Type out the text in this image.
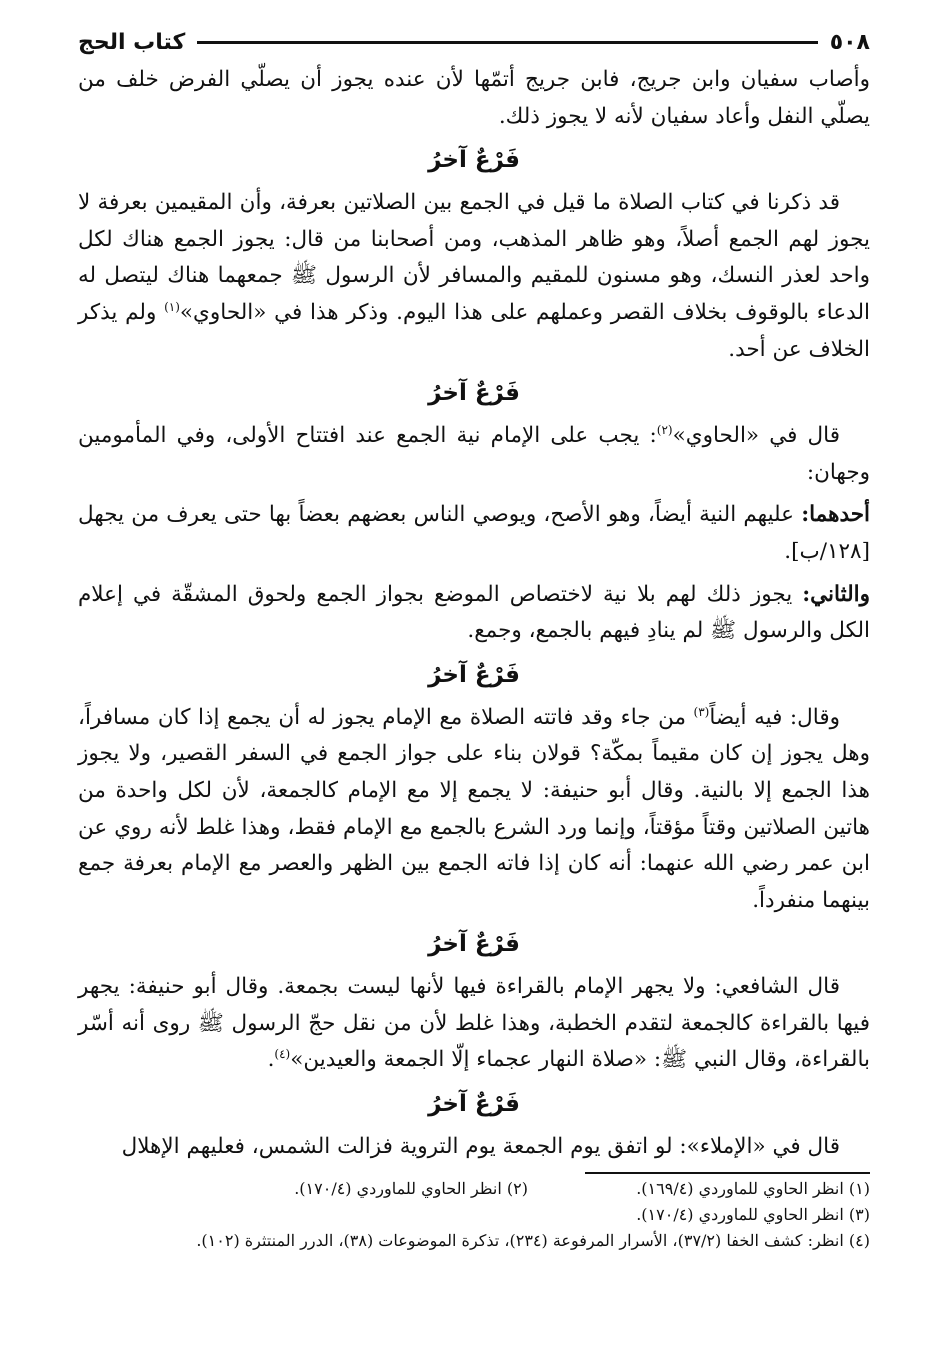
كتاب الحج	٥٠٨

وأصاب سفيان وابن جريج، فابن جريج أتمّها لأن عنده يجوز أن يصلّي الفرض خلف من يصلّي النفل وأعاد سفيان لأنه لا يجوز ذلك.

فَرْعٌ آخرُ

قد ذكرنا في كتاب الصلاة ما قيل في الجمع بين الصلاتين بعرفة، وأن المقيمين بعرفة لا يجوز لهم الجمع أصلاً، وهو ظاهر المذهب، ومن أصحابنا من قال: يجوز الجمع هناك لكل واحد لعذر النسك، وهو مسنون للمقيم والمسافر لأن الرسول ﷺ جمعهما هناك ليتصل له الدعاء بالوقوف بخلاف القصر وعملهم على هذا اليوم. وذكر هذا في «الحاوي»$^{(١)}$ ولم يذكر الخلاف عن أحد.

فَرْعٌ آخرُ

قال في «الحاوي»$^{(٢)}$: يجب على الإمام نية الجمع عند افتتاح الأولى، وفي المأمومين وجهان:

أحدهما: عليهم النية أيضاً، وهو الأصح، ويوصي الناس بعضهم بعضاً بها حتى يعرف من يجهل [١٢٨/ب].

والثاني: يجوز ذلك لهم بلا نية لاختصاص الموضع بجواز الجمع ولحوق المشقّة في إعلام الكل والرسول ﷺ لم ينادِ فيهم بالجمع، وجمع.

فَرْعٌ آخرُ

وقال: فيه أيضاً$^{(٣)}$ من جاء وقد فاتته الصلاة مع الإمام يجوز له أن يجمع إذا كان مسافراً، وهل يجوز إن كان مقيماً بمكّة؟ قولان بناء على جواز الجمع في السفر القصير، ولا يجوز هذا الجمع إلا بالنية. وقال أبو حنيفة: لا يجمع إلا مع الإمام كالجمعة، لأن لكل واحدة من هاتين الصلاتين وقتاً مؤقتاً، وإنما ورد الشرع بالجمع مع الإمام فقط، وهذا غلط لأنه روي عن ابن عمر رضي الله عنهما: أنه كان إذا فاته الجمع بين الظهر والعصر مع الإمام بعرفة جمع بينهما منفرداً.

فَرْعٌ آخرُ

قال الشافعي: ولا يجهر الإمام بالقراءة فيها لأنها ليست بجمعة. وقال أبو حنيفة: يجهر فيها بالقراءة كالجمعة لتقدم الخطبة، وهذا غلط لأن من نقل حجّ الرسول ﷺ روى أنه أسّر بالقراءة، وقال النبي ﷺ: «صلاة النهار عجماء إلّا الجمعة والعيدين»$^{(٤)}$.

فَرْعٌ آخرُ

قال في «الإملاء»: لو اتفق يوم الجمعة يوم التروية فزالت الشمس، فعليهم الإهلال

(١) انظر الحاوي للماوردي (١٦٩/٤).
(٢) انظر الحاوي للماوردي (١٧٠/٤).
(٣) انظر الحاوي للماوردي (١٧٠/٤).
(٤) انظر: كشف الخفا (٣٧/٢)، الأسرار المرفوعة (٢٣٤)، تذكرة الموضوعات (٣٨)، الدرر المنتثرة (١٠٢).
